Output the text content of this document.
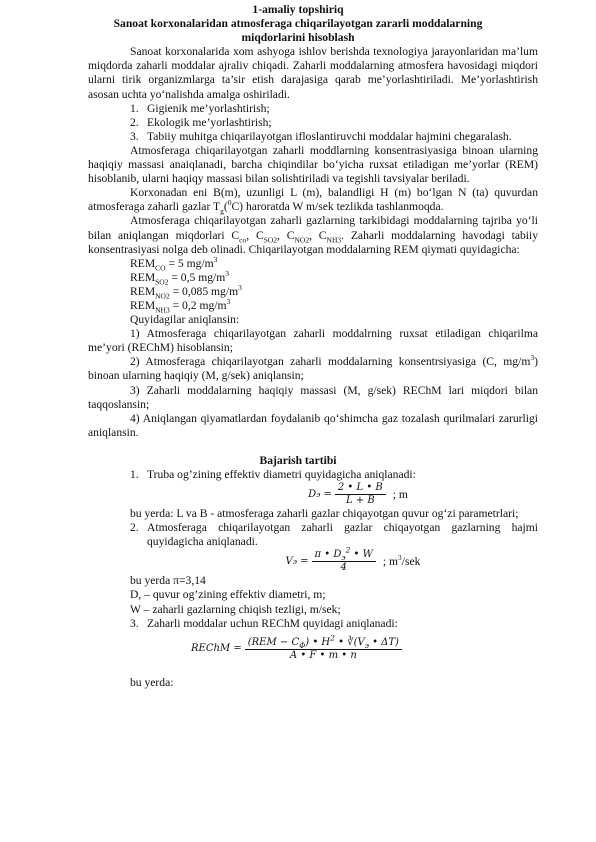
1-amaliy topshiriq
Sanoat korxonalaridan atmosferaga chiqarilayotgan zararli moddalarning
miqdorlarini hisoblash
Sanoat korxonalarida xom ashyoga ishlov berishda texnologiya jarayonlaridan ma’lum miqdorda zaharli moddalar ajraliv chiqadi. Zaharli moddalarning atmosfera havosidagi miqdori ularni tirik organizmlarga ta’sir etish darajasiga qarab me’yorlashtiriladi. Me’yorlashtirish asosan uchta yo‘nalishda amalga oshiriladi.
1. Gigienik me’yorlashtirish;
2. Ekologik me’yorlashtirish;
3. Tabiiy muhitga chiqarilayotgan ifloslantiruvchi moddalar hajmini chegaralash.
Atmosferaga chiqarilayotgan zaharli moddlarning konsentrasiyasiga binoan ularning haqiqiy massasi anaiqlanadi, barcha chiqindilar bo‘yicha ruxsat etiladigan me’yorlar (REM) hisoblanib, ularni haqiqy massasi bilan solishtiriladi va tegishli tavsiyalar beriladi.
Korxonadan eni B(m), uzunligi L (m), balandligi H (m) bo‘lgan N (ta) quvurdan atmosferaga zaharli gazlar $T_g(^0C)$ haroratda W m/sek tezlikda tashlanmoqda.
Atmosferaga chiqarilayotgan zaharli gazlarning tarkibidagi moddalarning tajriba yo‘li bilan aniqlangan miqdorlari $C_{co}$, $C_{SO2}$, $C_{NO2}$, $C_{NH3}$. Zaharli moddalarning havodagi tabiiy konsentrasiyasi nolga deb olinadi. Chiqarilayotgan moddalarning REM qiymati quyidagicha:
$REM_{CO} = 5$ $mg/m^3$
$REM_{SO2} = 0,5$ $mg/m^3$
$REM_{NO2} = 0,085$ $mg/m^3$
$REM_{NH3} = 0,2$ $mg/m^3$
Quyidagilar aniqlansin:
1) Atmosferaga chiqarilayotgan zaharli moddalrning ruxsat etiladigan chiqarilma me’yori (REChM) hisoblansin;
2) Atmosferaga chiqarilayotgan zaharli moddalarning konsentrsiyasiga (C, $mg/m^3$) binoan ularning haqiqiy (M, g/sek) aniqlansin;
3) Zaharli moddalarning haqiqiy massasi (M, g/sek) REChM lari miqdori bilan taqqoslansin;
4) Aniqlangan qiyamatlardan foydalanib qo‘shimcha gaz tozalash qurilmalari zarurligi aniqlansin.
Bajarish tartibi
1. Truba og’zining effektiv diametri quyidagicha aniqlanadi:
D $э = \frac{2 • L • B}{L + B}$ ; m
bu yerda: L va B - atmosferaga zaharli gazlar chiqayotgan quvur og‘zi parametrlari;
2. Atmosferaga chiqarilayotgan zaharli gazlar chiqayotgan gazlarning hajmi quyidagicha aniqlanadi.
V $э = \frac{\pi • D_э^2 • W}{4}$ ; $m^3$/sek
bu yerda π=3,14
D, – quvur og’zining effektiv diametri, m;
W – zaharli gazlarning chiqish tezligi, m/sek;
3. Zaharli moddalar uchun REChM quyidagi aniqlanadi:
REChM = $\frac{(REM - C_\Phi) • H^2 • ∛(V_э • \Delta T)}{A • F • m • n}$
bu yerda:
